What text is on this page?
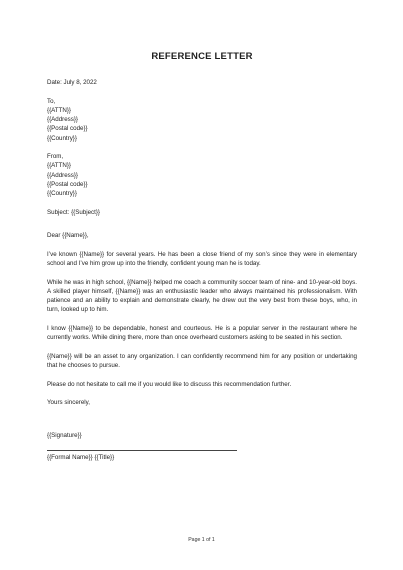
REFERENCE LETTER

Date: July 8, 2022

To,

{{ATTN}}

{{Address}}

{{Postal code}}

{{Country}}

From,

{{ATTN}}

{{Address}}

{{Postal code}}

{{Country}}

Subject: {{Subject}}

Dear {{Name}},

I’ve known {{Name}} for several years. He has been a close friend of my son’s since they were in elementary school and I’ve him grow up into the friendly, confident young man he is today.

While he was in high school, {{Name}} helped me coach a community soccer team of nine- and 10-year-old boys. A skilled player himself, {{Name}} was an enthusiastic leader who always maintained his professionalism. With patience and an ability to explain and demonstrate clearly, he drew out the very best from these boys, who, in turn, looked up to him.

I know {{Name}} to be dependable, honest and courteous. He is a popular server in the restaurant where he currently works. While dining there, more than once overheard customers asking to be seated in his section.

{{Name}} will be an asset to any organization. I can confidently recommend him for any position or undertaking that he chooses to pursue.

Please do not hesitate to call me if you would like to discuss this recommendation further.

Yours sincerely,

{{Signature}}

{{Formal Name}} {{Title}}

Page 1 of 1
